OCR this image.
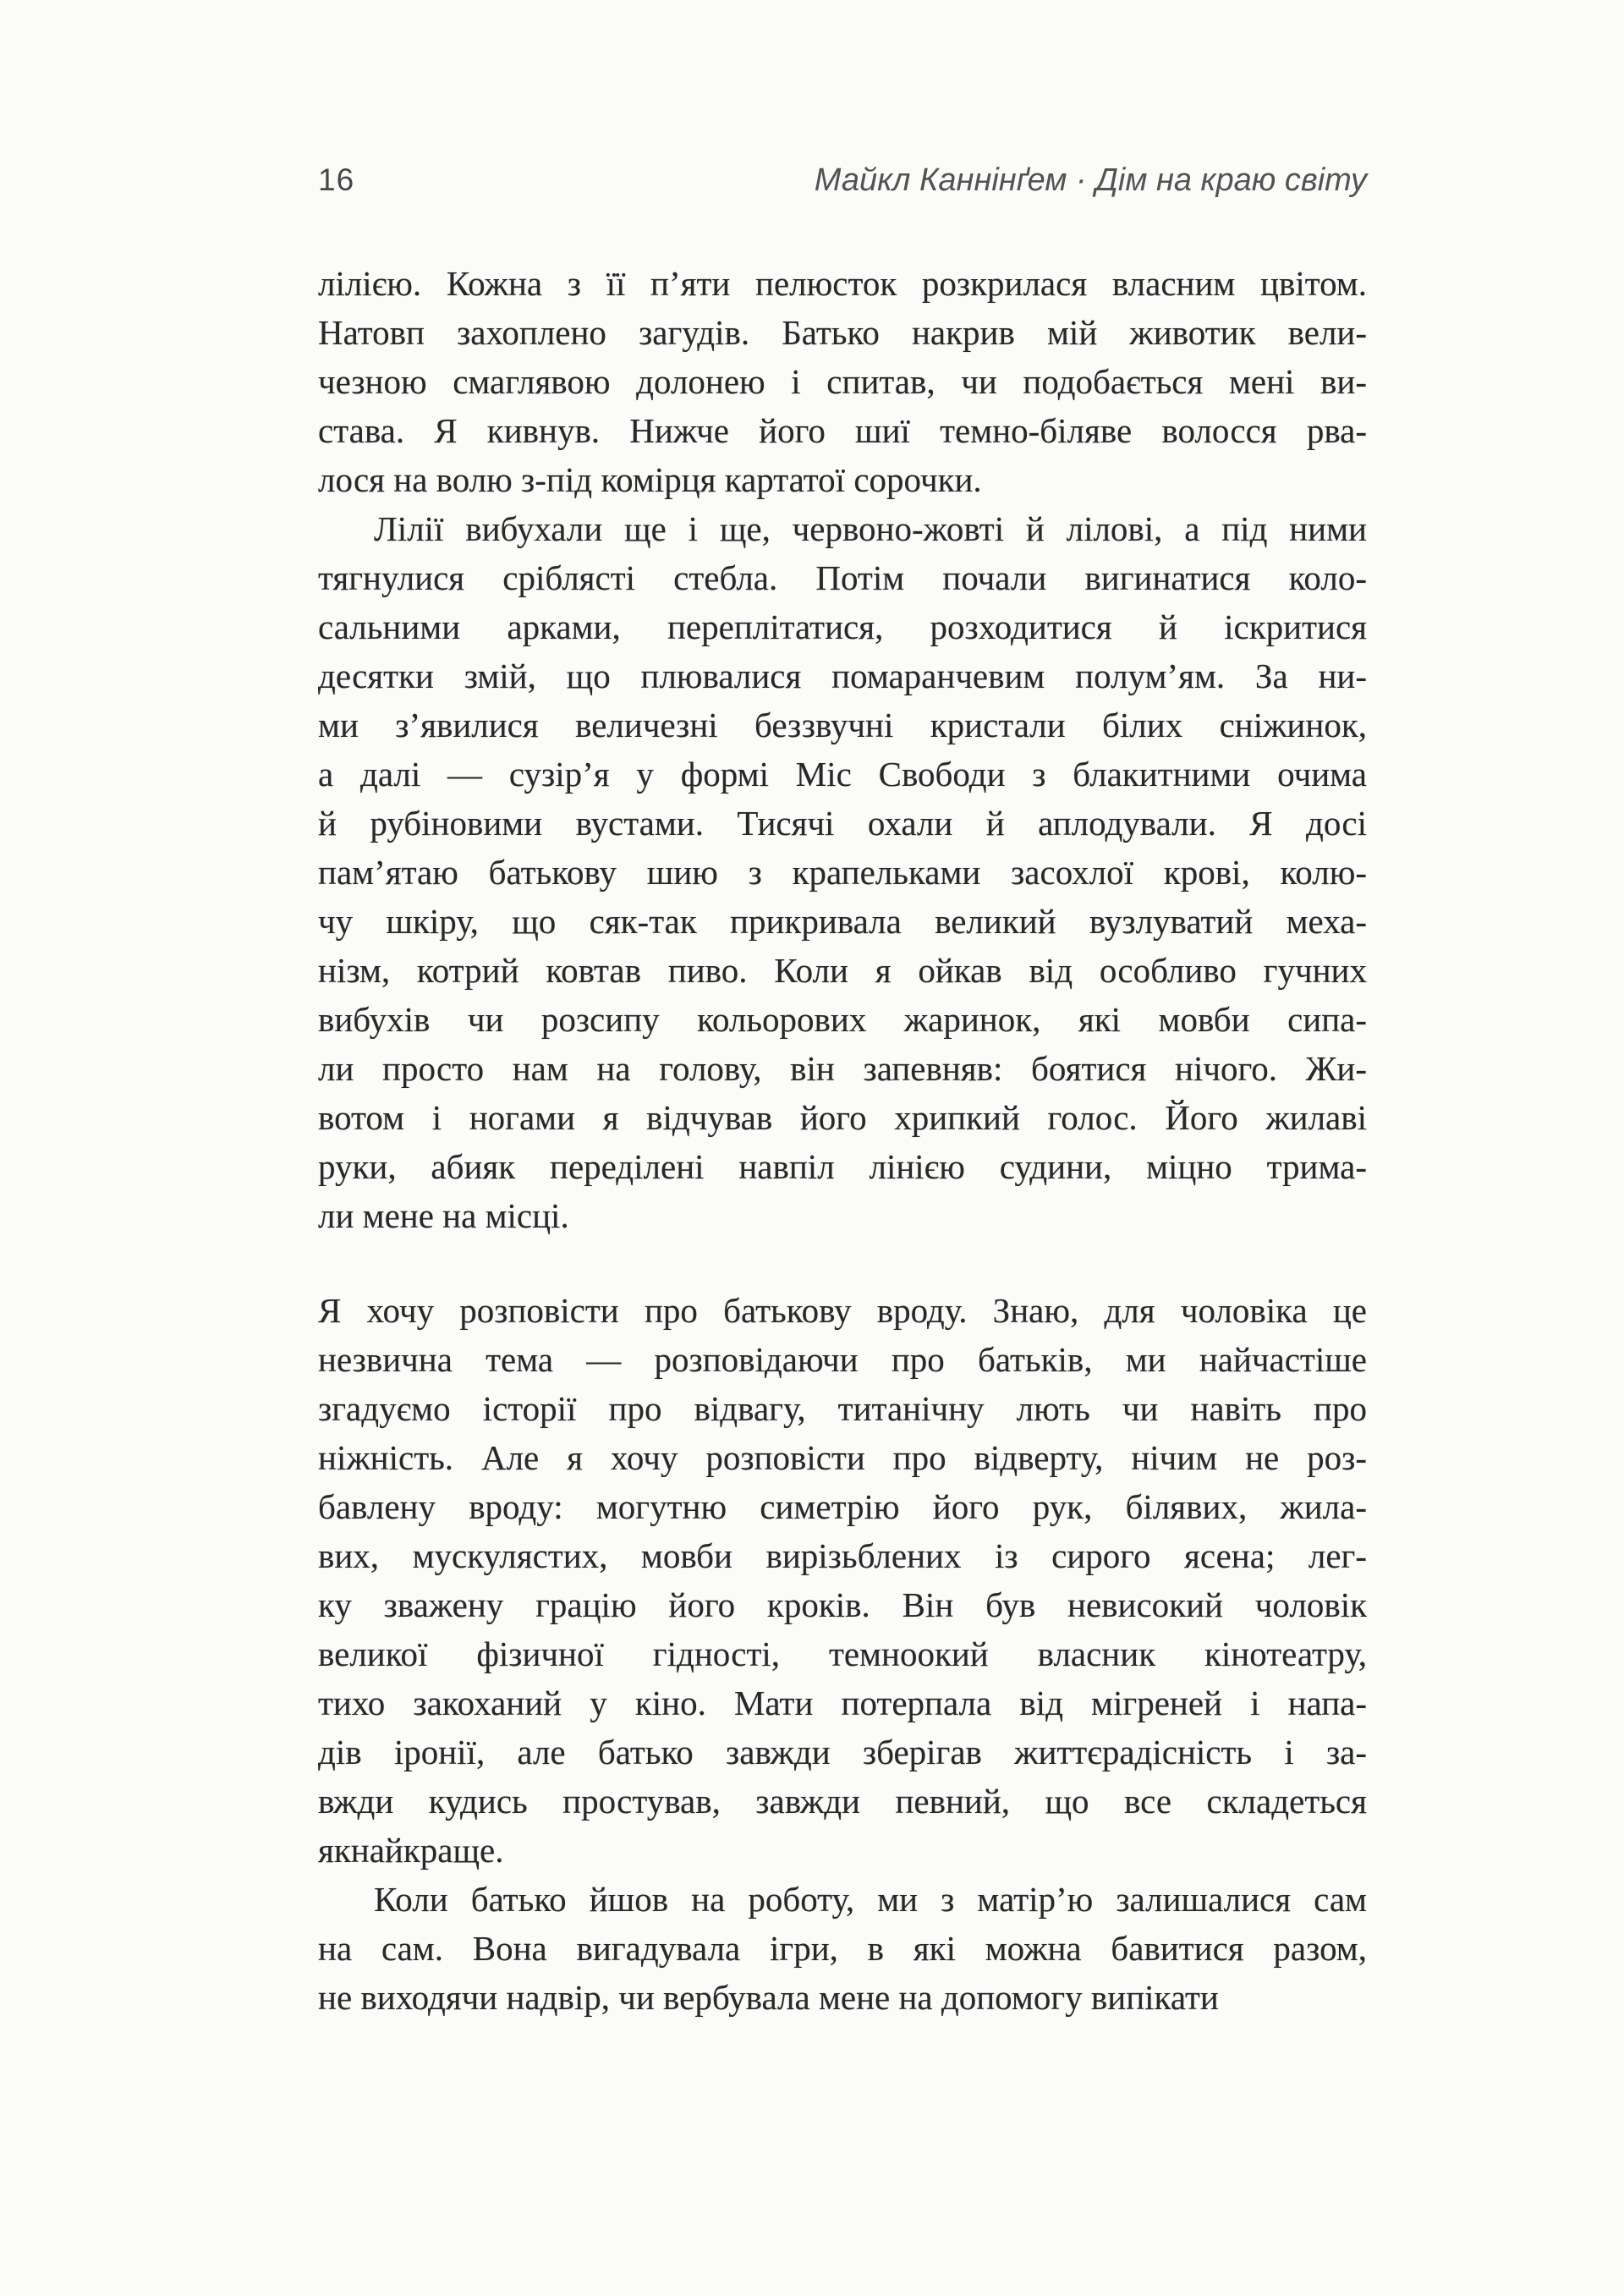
16	Майкл Каннінґем · Дім на краю світу
лілією. Кожна з її п’яти пелюсток розкрилася власним цвітом.
Натовп захоплено загудів. Батько накрив мій животик вели-
чезною смаглявою долонею і спитав, чи подобається мені ви-
става. Я кивнув. Нижче його шиї темно-біляве волосся рва-
лося на волю з-під комірця картатої сорочки.
Лілії вибухали ще і ще, червоно-жовті й лілові, а під ними
тягнулися сріблясті стебла. Потім почали вигинатися коло-
сальними арками, переплітатися, розходитися й іскритися
десятки змій, що плювалися помаранчевим полум’ям. За ни-
ми з’явилися величезні беззвучні кристали білих сніжинок,
а далі — сузір’я у формі Міс Свободи з блакитними очима
й рубіновими вустами. Тисячі охали й аплодували. Я досі
пам’ятаю батькову шию з крапельками засохлої крові, колю-
чу шкіру, що сяк-так прикривала великий вузлуватий меха-
нізм, котрий ковтав пиво. Коли я ойкав від особливо гучних
вибухів чи розсипу кольорових жаринок, які мовби сипа-
ли просто нам на голову, він запевняв: боятися нічого. Жи-
вотом і ногами я відчував його хрипкий голос. Його жилаві
руки, абияк переділені навпіл лінією судини, міцно трима-
ли мене на місці.
Я хочу розповісти про батькову вроду. Знаю, для чоловіка це
незвична тема — розповідаючи про батьків, ми найчастіше
згадуємо історії про відвагу, титанічну лють чи навіть про
ніжність. Але я хочу розповісти про відверту, нічим не роз-
бавлену вроду: могутню симетрію його рук, білявих, жила-
вих, мускулястих, мовби вирізьблених із сирого ясена; лег-
ку зважену грацію його кроків. Він був невисокий чоловік
великої фізичної гідності, темноокий власник кінотеатру,
тихо закоханий у кіно. Мати потерпала від мігреней і напа-
дів іронії, але батько завжди зберігав життєрадісність і за-
вжди кудись простував, завжди певний, що все складеться
якнайкраще.
Коли батько йшов на роботу, ми з матір’ю залишалися сам
на сам. Вона вигадувала ігри, в які можна бавитися разом,
не виходячи надвір, чи вербувала мене на допомогу випікати
